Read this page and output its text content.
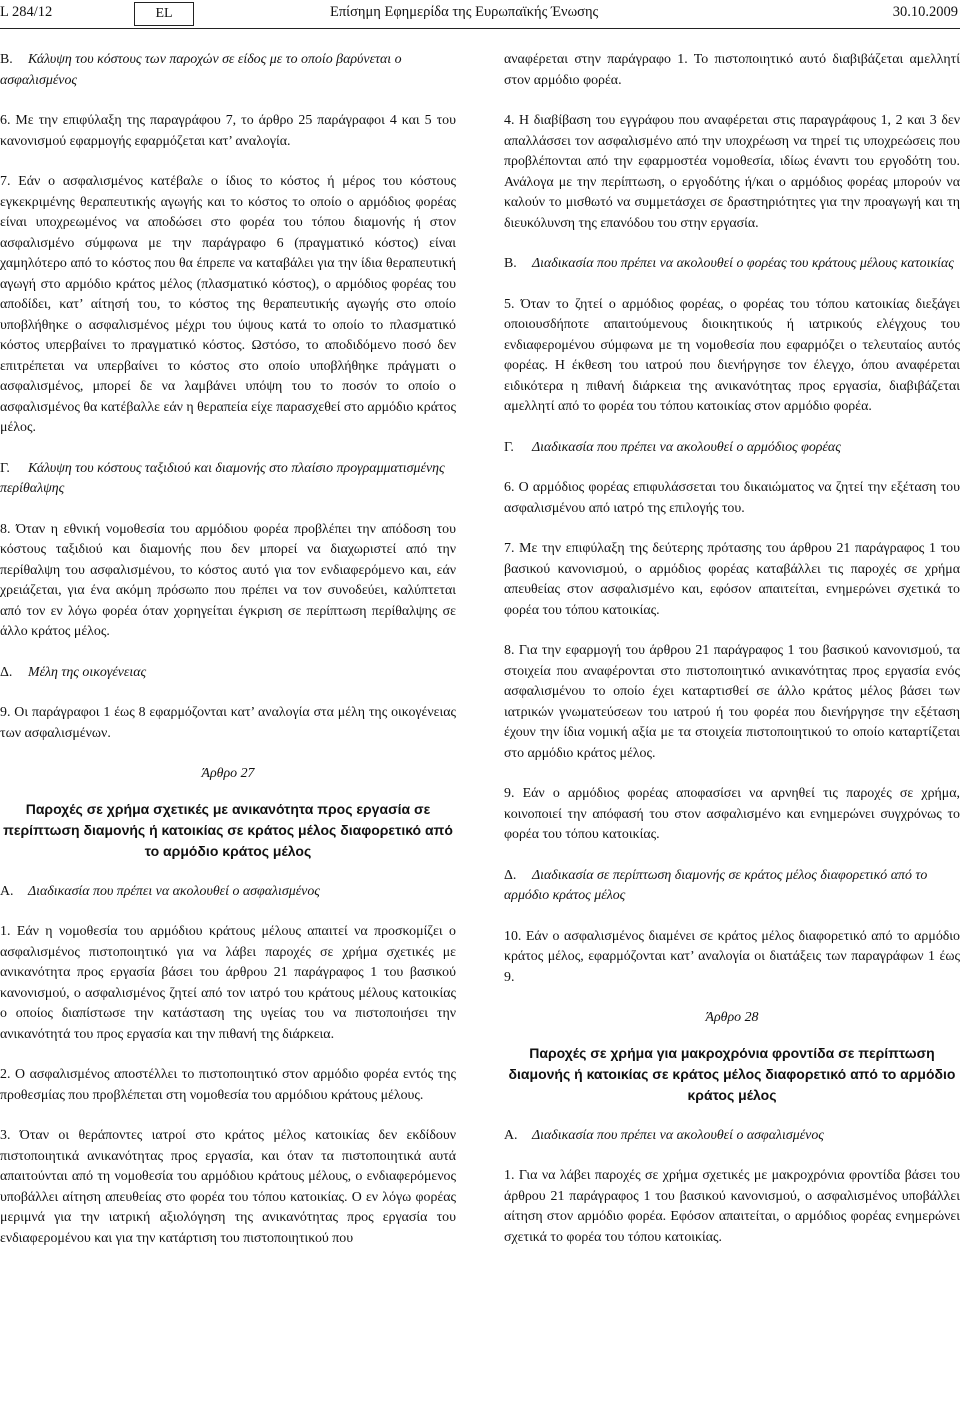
L 284/12	EL	Επίσημη Εφημερίδα της Ευρωπαϊκής Ένωσης	30.10.2009

Β. Κάλυψη του κόστους των παροχών σε είδος με το οποίο βαρύνεται ο ασφαλισμένος

6. Με την επιφύλαξη της παραγράφου 7, το άρθρο 25 παράγραφοι 4 και 5 του κανονισμού εφαρμογής εφαρμόζεται κατ’ αναλογία.

7. Εάν ο ασφαλισμένος κατέβαλε ο ίδιος το κόστος ή μέρος του κόστους εγκεκριμένης θεραπευτικής αγωγής και το κόστος το οποίο ο αρμόδιος φορέας είναι υποχρεωμένος να αποδώσει στο φορέα του τόπου διαμονής ή στον ασφαλισμένο σύμφωνα με την παράγραφο 6 (πραγματικό κόστος) είναι χαμηλότερο από το κόστος που θα έπρεπε να καταβάλει για την ίδια θεραπευτική αγωγή στο αρμόδιο κράτος μέλος (πλασματικό κόστος), ο αρμόδιος φορέας του αποδίδει, κατ’ αίτησή του, το κόστος της θεραπευτικής αγωγής στο οποίο υποβλήθηκε ο ασφαλισμένος μέχρι του ύψους κατά το οποίο το πλασματικό κόστος υπερβαίνει το πραγματικό κόστος. Ωστόσο, το αποδιδόμενο ποσό δεν επιτρέπεται να υπερβαίνει το κόστος στο οποίο υποβλήθηκε πράγματι ο ασφαλισμένος, μπορεί δε να λαμβάνει υπόψη του το ποσόν το οποίο ο ασφαλισμένος θα κατέβαλλε εάν η θεραπεία είχε παρασχεθεί στο αρμόδιο κράτος μέλος.

Γ. Κάλυψη του κόστους ταξιδιού και διαμονής στο πλαίσιο προγραμματισμένης περίθαλψης

8. Όταν η εθνική νομοθεσία του αρμόδιου φορέα προβλέπει την απόδοση του κόστους ταξιδιού και διαμονής που δεν μπορεί να διαχωριστεί από την περίθαλψη του ασφαλισμένου, το κόστος αυτό για τον ενδιαφερόμενο και, εάν χρειάζεται, για ένα ακόμη πρόσωπο που πρέπει να τον συνοδεύει, καλύπτεται από τον εν λόγω φορέα όταν χορηγείται έγκριση σε περίπτωση περίθαλψης σε άλλο κράτος μέλος.

Δ. Μέλη της οικογένειας

9. Οι παράγραφοι 1 έως 8 εφαρμόζονται κατ’ αναλογία στα μέλη της οικογένειας των ασφαλισμένων.

Άρθρο 27

Παροχές σε χρήμα σχετικές με ανικανότητα προς εργασία σε περίπτωση διαμονής ή κατοικίας σε κράτος μέλος διαφορετικό από το αρμόδιο κράτος μέλος

Α. Διαδικασία που πρέπει να ακολουθεί ο ασφαλισμένος

1. Εάν η νομοθεσία του αρμόδιου κράτους μέλους απαιτεί να προσκομίζει ο ασφαλισμένος πιστοποιητικό για να λάβει παροχές σε χρήμα σχετικές με ανικανότητα προς εργασία βάσει του άρθρου 21 παράγραφος 1 του βασικού κανονισμού, ο ασφαλισμένος ζητεί από τον ιατρό του κράτους μέλους κατοικίας ο οποίος διαπίστωσε την κατάσταση της υγείας του να πιστοποιήσει την ανικανότητά του προς εργασία και την πιθανή της διάρκεια.

2. Ο ασφαλισμένος αποστέλλει το πιστοποιητικό στον αρμόδιο φορέα εντός της προθεσμίας που προβλέπεται στη νομοθεσία του αρμόδιου κράτους μέλους.

3. Όταν οι θεράποντες ιατροί στο κράτος μέλος κατοικίας δεν εκδίδουν πιστοποιητικά ανικανότητας προς εργασία, και όταν τα πιστοποιητικά αυτά απαιτούνται από τη νομοθεσία του αρμόδιου κράτους μέλους, ο ενδιαφερόμενος υποβάλλει αίτηση απευθείας στο φορέα του τόπου κατοικίας. Ο εν λόγω φορέας μεριμνά για την ιατρική αξιολόγηση της ανικανότητας προς εργασία του ενδιαφερομένου και για την κατάρτιση του πιστοποιητικού που

αναφέρεται στην παράγραφο 1. Το πιστοποιητικό αυτό διαβιβάζεται αμελλητί στον αρμόδιο φορέα.

4. Η διαβίβαση του εγγράφου που αναφέρεται στις παραγράφους 1, 2 και 3 δεν απαλλάσσει τον ασφαλισμένο από την υποχρέωση να τηρεί τις υποχρεώσεις που προβλέπονται από την εφαρμοστέα νομοθεσία, ιδίως έναντι του εργοδότη του. Ανάλογα με την περίπτωση, ο εργοδότης ή/και ο αρμόδιος φορέας μπορούν να καλούν το μισθωτό να συμμετάσχει σε δραστηριότητες για την προαγωγή και τη διευκόλυνση της επανόδου του στην εργασία.

Β. Διαδικασία που πρέπει να ακολουθεί ο φορέας του κράτους μέλους κατοικίας

5. Όταν το ζητεί ο αρμόδιος φορέας, ο φορέας του τόπου κατοικίας διεξάγει οποιουσδήποτε απαιτούμενους διοικητικούς ή ιατρικούς ελέγχους του ενδιαφερομένου σύμφωνα με τη νομοθεσία που εφαρμόζει ο τελευταίος αυτός φορέας. Η έκθεση του ιατρού που διενήργησε τον έλεγχο, όπου αναφέρεται ειδικότερα η πιθανή διάρκεια της ανικανότητας προς εργασία, διαβιβάζεται αμελλητί από το φορέα του τόπου κατοικίας στον αρμόδιο φορέα.

Γ. Διαδικασία που πρέπει να ακολουθεί ο αρμόδιος φορέας

6. Ο αρμόδιος φορέας επιφυλάσσεται του δικαιώματος να ζητεί την εξέταση του ασφαλισμένου από ιατρό της επιλογής του.

7. Με την επιφύλαξη της δεύτερης πρότασης του άρθρου 21 παράγραφος 1 του βασικού κανονισμού, ο αρμόδιος φορέας καταβάλλει τις παροχές σε χρήμα απευθείας στον ασφαλισμένο και, εφόσον απαιτείται, ενημερώνει σχετικά το φορέα του τόπου κατοικίας.

8. Για την εφαρμογή του άρθρου 21 παράγραφος 1 του βασικού κανονισμού, τα στοιχεία που αναφέρονται στο πιστοποιητικό ανικανότητας προς εργασία ενός ασφαλισμένου το οποίο έχει καταρτισθεί σε άλλο κράτος μέλος βάσει των ιατρικών γνωματεύσεων του ιατρού ή του φορέα που διενήργησε την εξέταση έχουν την ίδια νομική αξία με τα στοιχεία πιστοποιητικού το οποίο καταρτίζεται στο αρμόδιο κράτος μέλος.

9. Εάν ο αρμόδιος φορέας αποφασίσει να αρνηθεί τις παροχές σε χρήμα, κοινοποιεί την απόφασή του στον ασφαλισμένο και ενημερώνει συγχρόνως το φορέα του τόπου κατοικίας.

Δ. Διαδικασία σε περίπτωση διαμονής σε κράτος μέλος διαφορετικό από το αρμόδιο κράτος μέλος

10. Εάν ο ασφαλισμένος διαμένει σε κράτος μέλος διαφορετικό από το αρμόδιο κράτος μέλος, εφαρμόζονται κατ’ αναλογία οι διατάξεις των παραγράφων 1 έως 9.

Άρθρο 28

Παροχές σε χρήμα για μακροχρόνια φροντίδα σε περίπτωση διαμονής ή κατοικίας σε κράτος μέλος διαφορετικό από το αρμόδιο κράτος μέλος

Α. Διαδικασία που πρέπει να ακολουθεί ο ασφαλισμένος

1. Για να λάβει παροχές σε χρήμα σχετικές με μακροχρόνια φροντίδα βάσει του άρθρου 21 παράγραφος 1 του βασικού κανονισμού, ο ασφαλισμένος υποβάλλει αίτηση στον αρμόδιο φορέα. Εφόσον απαιτείται, ο αρμόδιος φορέας ενημερώνει σχετικά το φορέα του τόπου κατοικίας.
